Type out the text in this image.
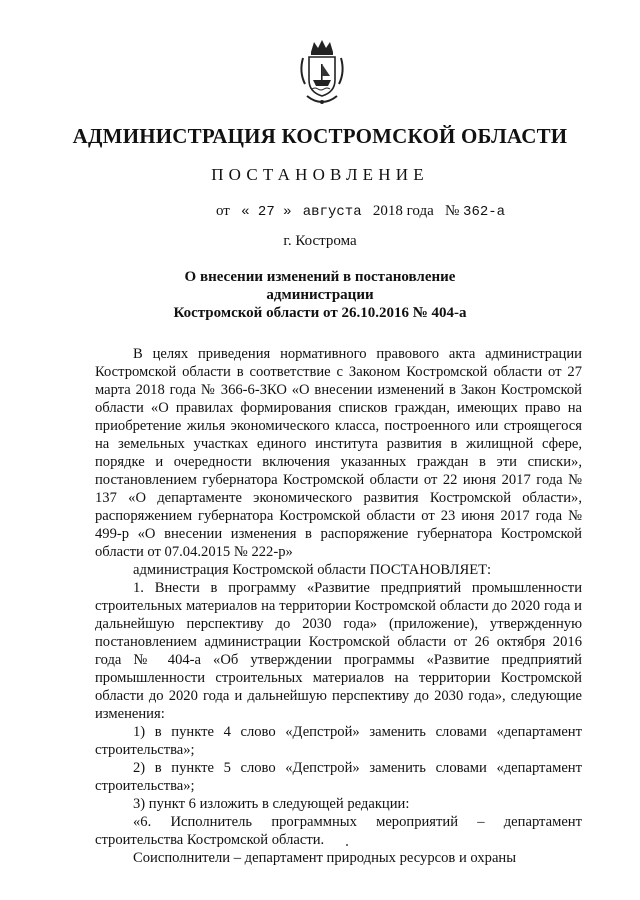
АДМИНИСТРАЦИЯ КОСТРОМСКОЙ ОБЛАСТИ
ПОСТАНОВЛЕНИЕ
от « 27 » августа 2018 года № 362-а
г. Кострома
О внесении изменений в постановление администрации
Костромской области от 26.10.2016 № 404-а

В целях приведения нормативного правового акта администрации Костромской области в соответствие с Законом Костромской области от 27 марта 2018 года № 366-6-ЗКО «О внесении изменений в Закон Костромской области «О правилах формирования списков граждан, имеющих право на приобретение жилья экономического класса, построенного или строящегося на земельных участках единого института развития в жилищной сфере, порядке и очередности включения указанных граждан в эти списки», постановлением губернатора Костромской области от 22 июня 2017 года № 137 «О департаменте экономического развития Костромской области», распоряжением губернатора Костромской области от 23 июня 2017 года № 499-р «О внесении изменения в распоряжение губернатора Костромской области от 07.04.2015 № 222-р»

администрация Костромской области ПОСТАНОВЛЯЕТ:

1. Внести в программу «Развитие предприятий промышленности строительных материалов на территории Костромской области до 2020 года и дальнейшую перспективу до 2030 года» (приложение), утвержденную постановлением администрации Костромской области от 26 октября 2016 года № 404-а «Об утверждении программы «Развитие предприятий промышленности строительных материалов на территории Костромской области до 2020 года и дальнейшую перспективу до 2030 года», следующие изменения:

1) в пункте 4 слово «Депстрой» заменить словами «департамент строительства»;

2) в пункте 5 слово «Депстрой» заменить словами «департамент строительства»;

3) пункт 6 изложить в следующей редакции:

«6. Исполнитель программных мероприятий – департамент строительства Костромской области.

Соисполнители – департамент природных ресурсов и охраны
